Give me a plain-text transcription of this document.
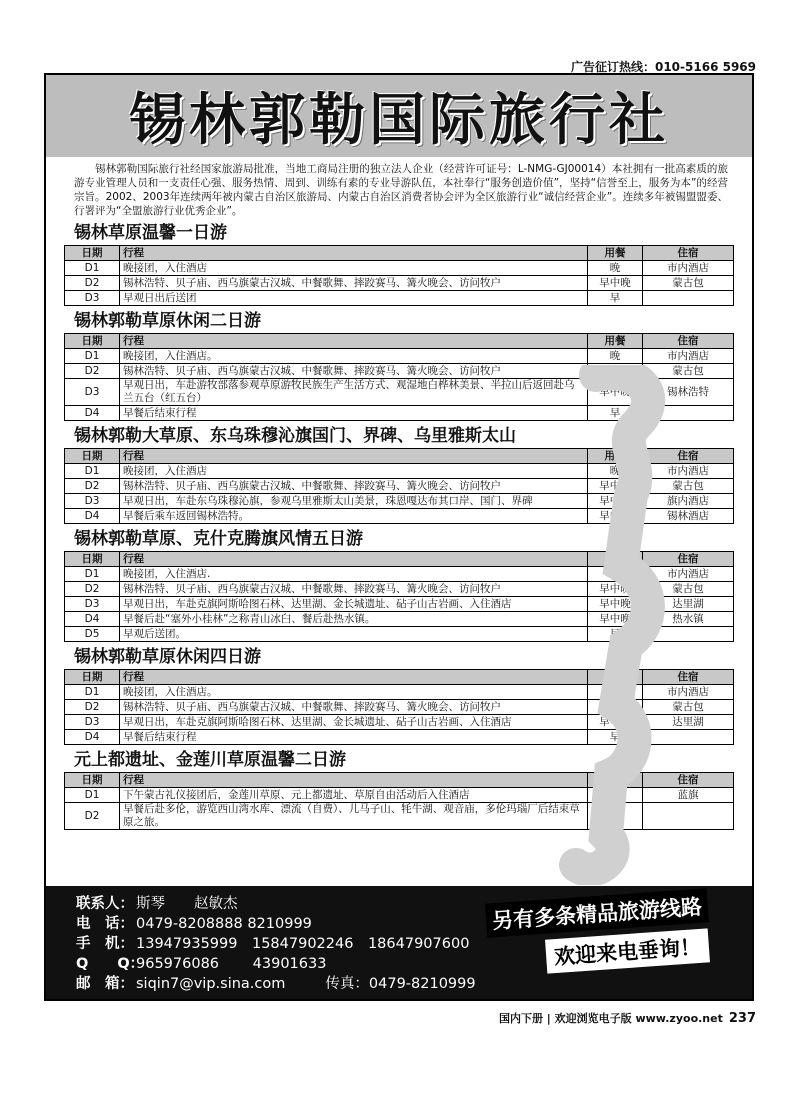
广告征订热线：010-5166 5969
锡林郭勒国际旅行社
锡林郭勒国际旅行社经国家旅游局批准，当地工商局注册的独立法人企业（经营许可证号：L-NMG-GJ00014）本社拥有一批高素质的旅游专业管理人员和一支责任心强、服务热情、周到、训练有素的专业导游队伍，本社奉行“服务创造价值”，坚持“信誉至上，服务为本”的经营宗旨。2002、2003年连续两年被内蒙古自治区旅游局、内蒙古自治区消费者协会评为全区旅游行业“诚信经营企业”。连续多年被锡盟盟委、行署评为“全盟旅游行业优秀企业”。
锡林草原温馨一日游
日期	行程	用餐	住宿
D1	晚接团，入住酒店	晚	市内酒店
D2	锡林浩特、贝子庙、西乌旗蒙古汉城、中餐歌舞、摔跤赛马、篝火晚会、访问牧户	早中晚	蒙古包
D3	早观日出后送团	早	
锡林郭勒草原休闲二日游
日期	行程	用餐	住宿
D1	晚接团，入住酒店。	晚	市内酒店
D2	锡林浩特、贝子庙、西乌旗蒙古汉城、中餐歌舞、摔跤赛马、篝火晚会、访问牧户	早中晚	蒙古包
D3	早观日出，车赴游牧部落参观草原游牧民族生产生活方式、观湿地白桦林美景、半拉山后返回赴乌兰五台（红五台）	早中晚	锡林浩特
D4	早餐后结束行程	早	
锡林郭勒大草原、东乌珠穆沁旗国门、界碑、乌里雅斯太山
日期	行程	用餐	住宿
D1	晚接团，入住酒店	晚	市内酒店
D2	锡林浩特、贝子庙、西乌旗蒙古汉城、中餐歌舞、摔跤赛马、篝火晚会、访问牧户	早中晚	蒙古包
D3	早观日出，车赴东乌珠穆沁旗，参观乌里雅斯太山美景，珠恩嘎达布其口岸、国门、界碑	早中晚	旗内酒店
D4	早餐后乘车返回锡林浩特。	早中晚	锡林酒店
锡林郭勒草原、克什克腾旗风情五日游
日期	行程	用餐	住宿
D1	晚接团，入住酒店.	晚	市内酒店
D2	锡林浩特、贝子庙、西乌旗蒙古汉城、中餐歌舞、摔跤赛马、篝火晚会、访问牧户	早中晚	蒙古包
D3	早观日出，车赴克旗阿斯哈图石林、达里湖、金长城遗址、砧子山古岩画、入住酒店	早中晚	达里湖
D4	早餐后赴“塞外小桂林”之称青山冰臼、餐后赴热水镇。	早中晚	热水镇
D5	早观后送团。	早	
锡林郭勒草原休闲四日游
日期	行程	用餐	住宿
D1	晚接团，入住酒店。	晚	市内酒店
D2	锡林浩特、贝子庙、西乌旗蒙古汉城、中餐歌舞、摔跤赛马、篝火晚会、访问牧户	早中晚	蒙古包
D3	早观日出，车赴克旗阿斯哈图石林、达里湖、金长城遗址、砧子山古岩画、入住酒店	早中晚	达里湖
D4	早餐后结束行程	早	
元上都遗址、金莲川草原温馨二日游
日期	行程	用餐	住宿
D1	下午蒙古礼仪接团后，金莲川草原、元上都遗址、草原自由活动后入住酒店	晚餐	蓝旗
D2	早餐后赴多伦，游览西山湾水库、漂流（自费）、儿马子山、牦牛湖、观音庙，多伦玛瑙厂后结束草原之旅。	早中	
联系人： 斯琴　　赵敏杰
电　话： 0479-8208888 8210999
手　机： 13947935999　15847902246　18647907600
Q　　Q：965976086　　 43901633
邮　箱： siqin7@vip.sina.com	传真：0479-8210999
另有多条精品旅游线路
欢迎来电垂询！
国内下册 | 欢迎浏览电子版 www.zyoo.net 237
